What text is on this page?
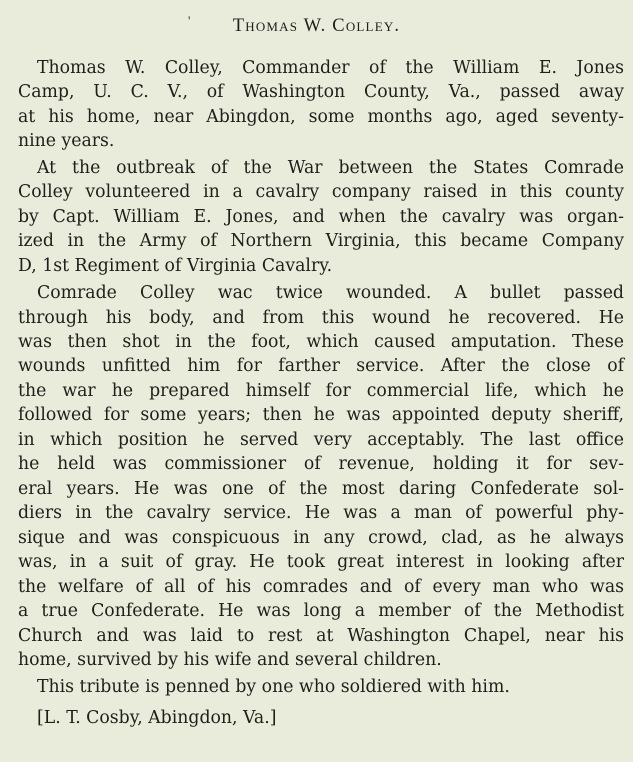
'	Thomas W. Colley.
Thomas W. Colley, Commander of the William E. Jones
Camp, U. C. V., of Washington County, Va., passed away
at his home, near Abingdon, some months ago, aged seventy-
nine years.
At the outbreak of the War between the States Comrade
Colley volunteered in a cavalry company raised in this county
by Capt. William E. Jones, and when the cavalry was organ-
ized in the Army of Northern Virginia, this became Company
D, 1st Regiment of Virginia Cavalry.
Comrade Colley wac twice wounded. A bullet passed
through his body, and from this wound he recovered. He
was then shot in the foot, which caused amputation. These
wounds unfitted him for farther service. After the close of
the war he prepared himself for commercial life, which he
followed for some years; then he was appointed deputy sheriff,
in which position he served very acceptably. The last office
he held was commissioner of revenue, holding it for sev-
eral years. He was one of the most daring Confederate sol-
diers in the cavalry service. He was a man of powerful phy-
sique and was conspicuous in any crowd, clad, as he always
was, in a suit of gray. He took great interest in looking after
the welfare of all of his comrades and of every man who was
a true Confederate. He was long a member of the Methodist
Church and was laid to rest at Washington Chapel, near his
home, survived by his wife and several children.
This tribute is penned by one who soldiered with him.
[L. T. Cosby, Abingdon, Va.]
